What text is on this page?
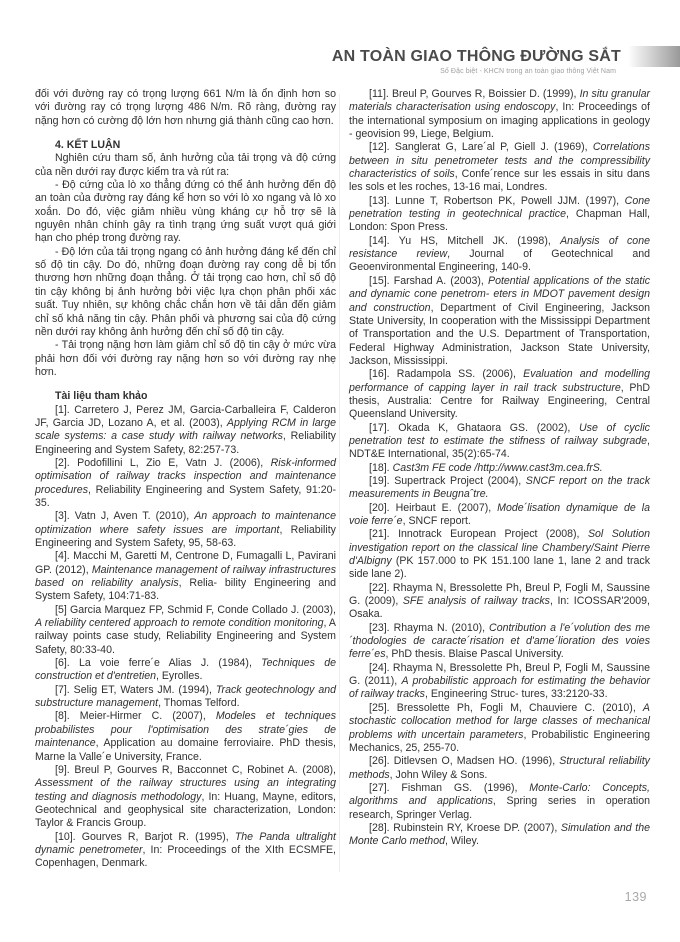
AN TOÀN GIAO THÔNG ĐƯỜNG SẮT
Số Đặc biệt - KHCN trong an toàn giao thông Việt Nam

đối với đường ray có trọng lượng 661 N/m là ổn định hơn so với đường ray có trọng lượng 486 N/m. Rõ ràng, đường ray nặng hơn có cường độ lớn hơn nhưng giá thành cũng cao hơn.

4. KẾT LUẬN

Nghiên cứu tham số, ảnh hưởng của tải trọng và độ cứng của nền dưới ray được kiểm tra và rút ra:

- Độ cứng của lò xo thẳng đứng có thể ảnh hưởng đến độ an toàn của đường ray đáng kể hơn so với lò xo ngang và lò xo xoắn. Do đó, việc giảm nhiều vùng kháng cự hỗ trợ sẽ là nguyên nhân chính gây ra tình trạng ứng suất vượt quá giới hạn cho phép trong đường ray.

- Độ lớn của tải trọng ngang có ảnh hưởng đáng kể đến chỉ số độ tin cậy. Do đó, những đoạn đường ray cong dễ bị tổn thương hơn những đoạn thẳng. Ở tải trọng cao hơn, chỉ số độ tin cậy không bị ảnh hưởng bởi việc lựa chọn phân phối xác suất. Tuy nhiên, sự không chắc chắn hơn về tải dẫn đến giảm chỉ số khả năng tin cậy. Phân phối và phương sai của độ cứng nền dưới ray không ảnh hưởng đến chỉ số độ tin cậy.

- Tải trọng nặng hơn làm giảm chỉ số độ tin cậy ở mức vừa phải hơn đối với đường ray nặng hơn so với đường ray nhẹ hơn.

Tài liệu tham khảo

[1]. Carretero J, Perez JM, Garcia-Carballeira F, Calderon JF, Garcia JD, Lozano A, et al. (2003), Applying RCM in large scale systems: a case study with railway networks, Reliability Engineering and System Safety, 82:257-73.

[2]. Podofillini L, Zio E, Vatn J. (2006), Risk-informed optimisation of railway tracks inspection and maintenance procedures, Reliability Engineering and System Safety, 91:20-35.

[3]. Vatn J, Aven T. (2010), An approach to maintenance optimization where safety issues are important, Reliability Engineering and System Safety, 95, 58-63.

[4]. Macchi M, Garetti M, Centrone D, Fumagalli L, Pavirani GP. (2012), Maintenance management of railway infrastructures based on reliability analysis, Relia- bility Engineering and System Safety, 104:71-83.

[5] Garcia Marquez FP, Schmid F, Conde Collado J. (2003), A reliability centered approach to remote condition monitoring, A railway points case study, Reliability Engineering and System Safety, 80:33-40.

[6]. La voie ferre´e Alias J. (1984), Techniques de construction et d'entretien, Eyrolles.

[7]. Selig ET, Waters JM. (1994), Track geotechnology and substructure management, Thomas Telford.

[8]. Meier-Hirmer C. (2007), Modeles et techniques probabilistes pour l'optimisation des strate´gies de maintenance, Application au domaine ferroviaire. PhD thesis, Marne la Valle´e University, France.

[9]. Breul P, Gourves R, Bacconnet C, Robinet A. (2008), Assessment of the railway structures using an integrating testing and diagnosis methodology, In: Huang, Mayne, editors, Geotechnical and geophysical site characterization, London: Taylor & Francis Group.

[10]. Gourves R, Barjot R. (1995), The Panda ultralight dynamic penetrometer, In: Proceedings of the XIth ECSMFE, Copenhagen, Denmark.

[11]. Breul P, Gourves R, Boissier D. (1999), In situ granular materials characterisation using endoscopy, In: Proceedings of the international symposium on imaging applications in geology - geovision 99, Liege, Belgium.

[12]. Sanglerat G, Lare´al P, Giell J. (1969), Correlations between in situ penetrometer tests and the compressibility characteristics of soils, Confe´rence sur les essais in situ dans les sols et les roches, 13-16 mai, Londres.

[13]. Lunne T, Robertson PK, Powell JJM. (1997), Cone penetration testing in geotechnical practice, Chapman Hall, London: Spon Press.

[14]. Yu HS, Mitchell JK. (1998), Analysis of cone resistance review, Journal of Geotechnical and Geoenvironmental Engineering, 140-9.

[15]. Farshad A. (2003), Potential applications of the static and dynamic cone penetrom- eters in MDOT pavement design and construction, Department of Civil Engineering, Jackson State University, In cooperation with the Mississippi Department of Transportation and the U.S. Department of Transportation, Federal Highway Administration, Jackson State University, Jackson, Mississippi.

[16]. Radampola SS. (2006), Evaluation and modelling performance of capping layer in rail track substructure, PhD thesis, Australia: Centre for Railway Engineering, Central Queensland University.

[17]. Okada K, Ghataora GS. (2002), Use of cyclic penetration test to estimate the stifness of railway subgrade, NDT&E International, 35(2):65-74.

[18]. Cast3m FE code /http://www.cast3m.cea.frS.

[19]. Supertrack Project (2004), SNCF report on the track measurements in Beugnaˆtre.

[20]. Heirbaut E. (2007), Mode´lisation dynamique de la voie ferre´e, SNCF report.

[21]. Innotrack European Project (2008), Sol Solution investigation report on the classical line Chambery/Saint Pierre d'Albigny (PK 157.000 to PK 151.100 lane 1, lane 2 and track side lane 2).

[22]. Rhayma N, Bressolette Ph, Breul P, Fogli M, Saussine G. (2009), SFE analysis of railway tracks, In: ICOSSAR'2009, Osaka.

[23]. Rhayma N. (2010), Contribution a l'e´volution des me´thodologies de caracte´risation et d'ame´lioration des voies ferre´es, PhD thesis. Blaise Pascal University.

[24]. Rhayma N, Bressolette Ph, Breul P, Fogli M, Saussine G. (2011), A probabilistic approach for estimating the behavior of railway tracks, Engineering Struc- tures, 33:2120-33.

[25]. Bressolette Ph, Fogli M, Chauviere C. (2010), A stochastic collocation method for large classes of mechanical problems with uncertain parameters, Probabilistic Engineering Mechanics, 25, 255-70.

[26]. Ditlevsen O, Madsen HO. (1996), Structural reliability methods, John Wiley & Sons.

[27]. Fishman GS. (1996), Monte-Carlo: Concepts, algorithms and applications, Spring series in operation research, Springer Verlag.

[28]. Rubinstein RY, Kroese DP. (2007), Simulation and the Monte Carlo method, Wiley.

139
